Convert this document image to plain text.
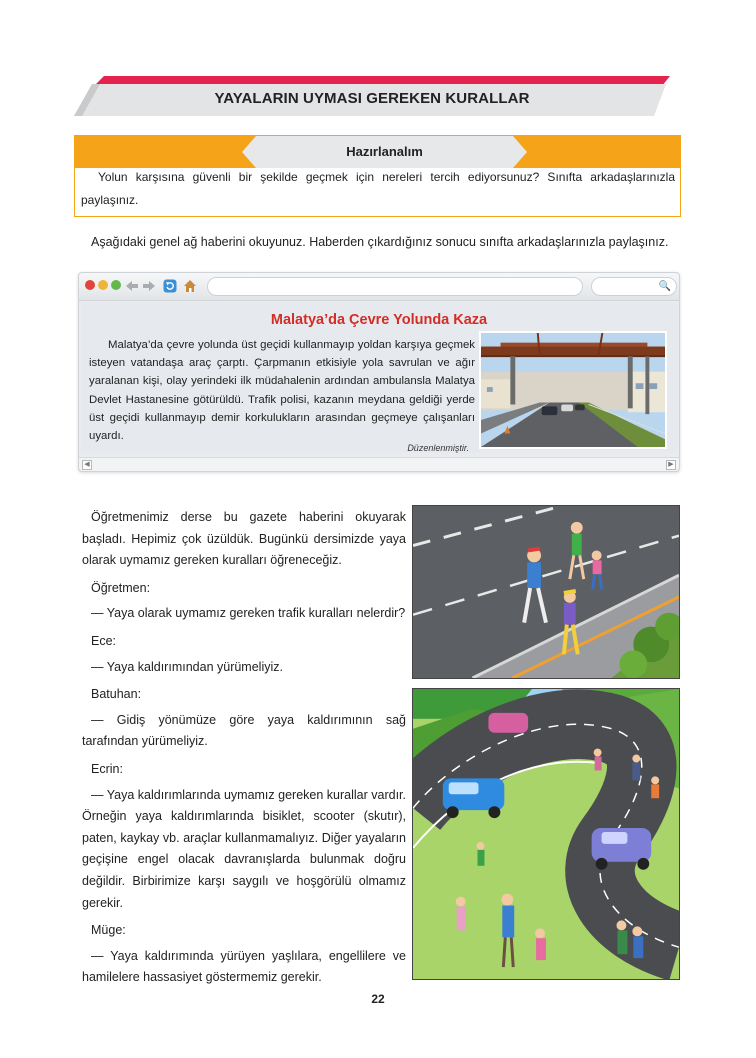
YAYALARIN UYMASI GEREKEN KURALLAR
Hazırlanalım
Yolun karşısına güvenli bir şekilde geçmek için nereleri tercih ediyorsunuz? Sınıfta arkadaşlarınızla paylaşınız.
Aşağıdaki genel ağ haberini okuyunuz. Haberden çıkardığınız sonucu sınıfta arkadaşlarınızla paylaşınız.
🔍
Malatya’da Çevre Yolunda Kaza
Malatya’da çevre yolunda üst geçidi kullanmayıp yoldan karşıya geçmek isteyen vatandaşa araç çarptı. Çarpmanın etkisiyle yola savrulan ve ağır yaralanan kişi, olay yerindeki ilk müdahalenin ardından ambulansla Malatya Devlet Hastanesine götürüldü. Trafik polisi, kazanın meydana geldiği yerde üst geçidi kullanmayıp demir korkulukların arasından geçmeye çalışanları uyardı.
Düzenlenmiştir.
◀	▶

Öğretmenimiz derse bu gazete haberini okuyarak başladı. Hepimiz çok üzüldük. Bugünkü dersimizde yaya olarak uymamız gereken kuralları öğreneceğiz.

Öğretmen:

— Yaya olarak uymamız gereken trafik kuralları nelerdir?

Ece:

— Yaya kaldırımından yürümeliyiz.

Batuhan:

— Gidiş yönümüze göre yaya kaldırımının sağ tarafından yürümeliyiz.

Ecrin:

— Yaya kaldırımlarında uymamız gereken kurallar vardır. Örneğin yaya kaldırımlarında bisiklet, scooter (skutır), paten, kaykay vb. araçlar kullanmamalıyız. Diğer yayaların geçişine engel olacak davranışlarda bulunmak doğru değildir. Birbirimize karşı saygılı ve hoşgörülü olmamız gerekir.

Müge:

— Yaya kaldırımında yürüyen yaşlılara, engellilere ve hamilelere hassasiyet göstermemiz gerekir.

22
